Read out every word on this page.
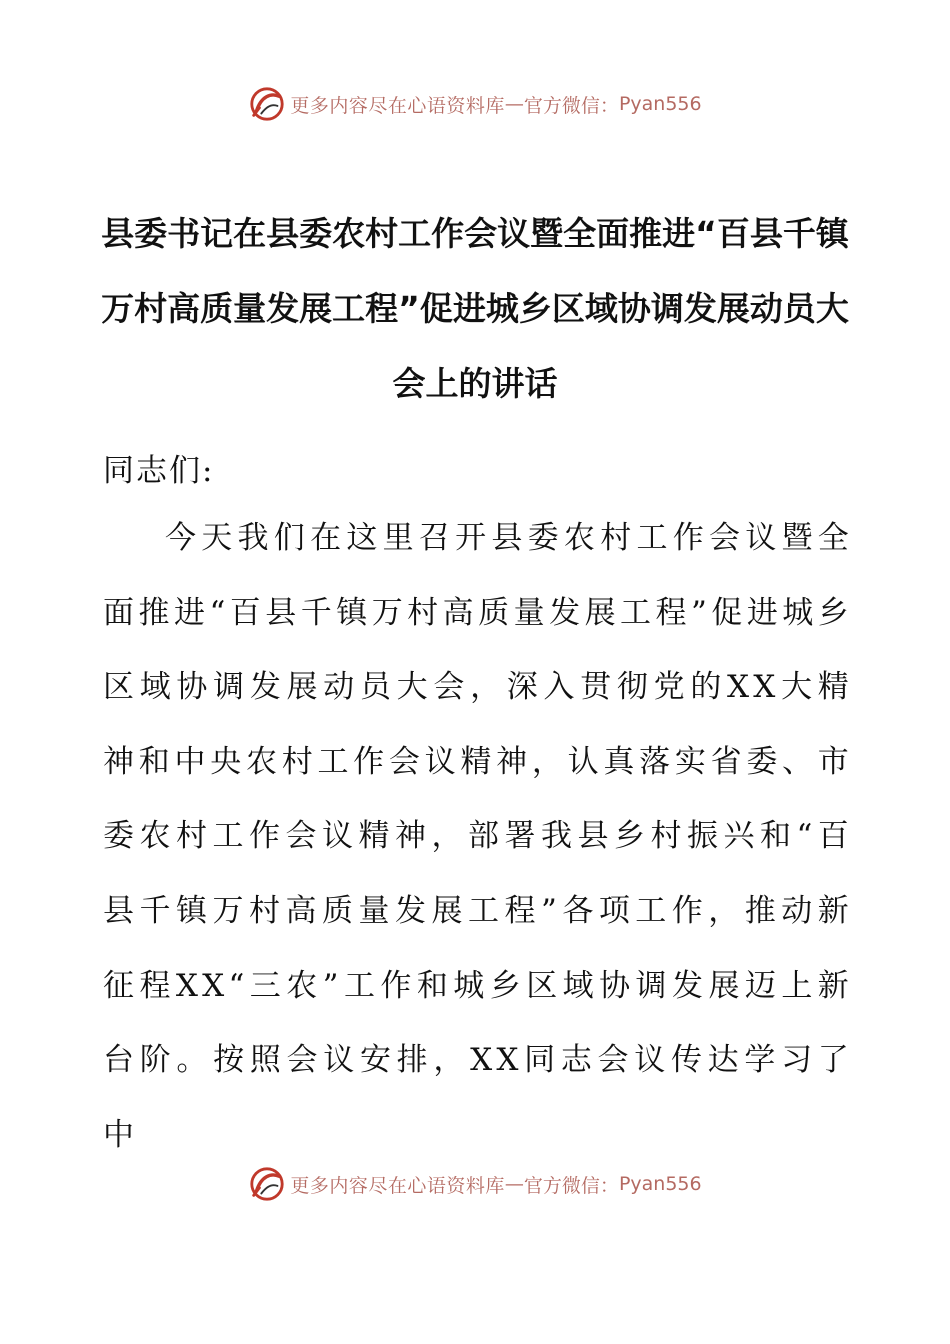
更多内容尽在心语资料库 — 官方微信： Pyan556
县委书记在县委农村工作会议暨全面推进“百县千镇万村高质量发展工程”促进城乡区域协调发展动员大会上的讲话

同志们:

今天我们在这里召开县委农村工作会议暨全面推进“百县千镇万村高质量发展工程”促进城乡区域协调发展动员大会，深入贯彻党的XX大精神和中央农村工作会议精神，认真落实省委、市委农村工作会议精神，部署我县乡村振兴和“百县千镇万村高质量发展工程”各项工作，推动新征程XX“三农”工作和城乡区域协调发展迈上新台阶。按照会议安排，XX同志会议传达学习了中

更多内容尽在心语资料库 — 官方微信： Pyan556
